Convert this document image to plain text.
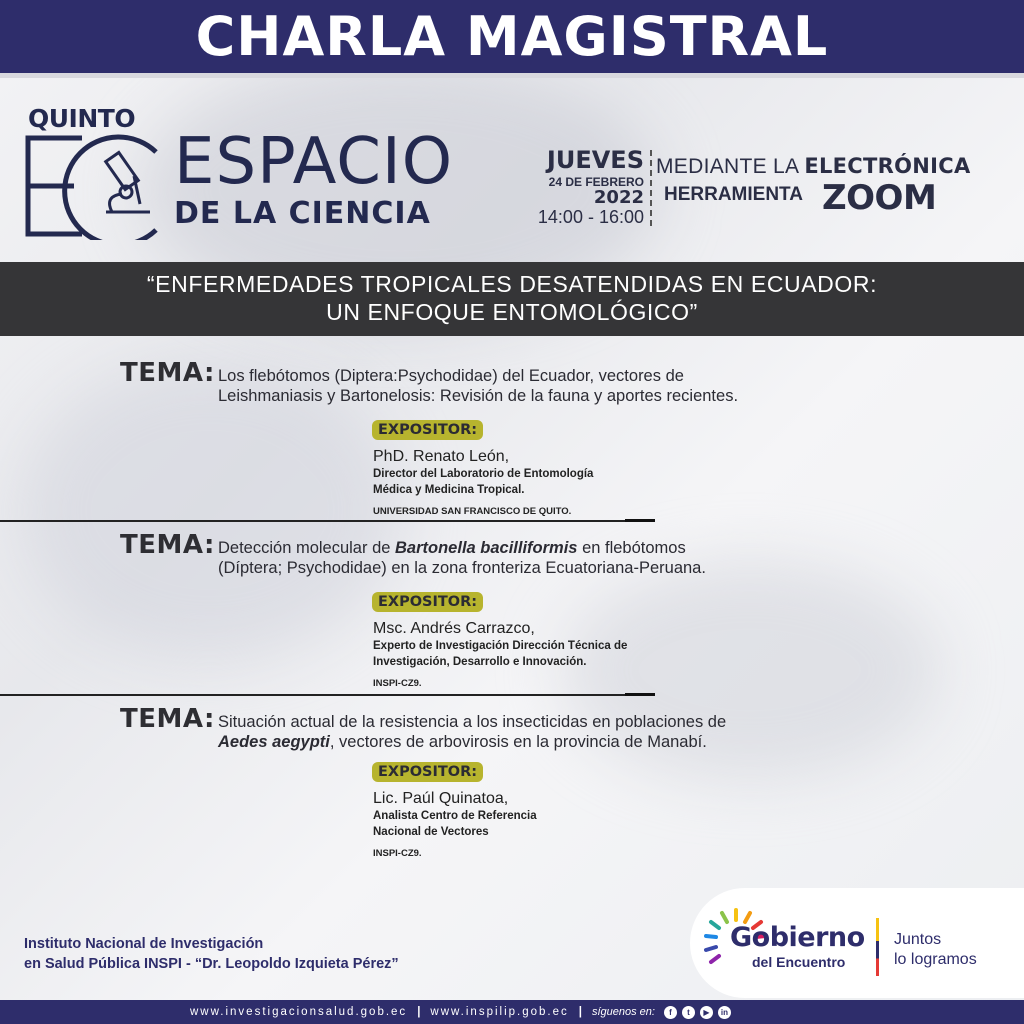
CHARLA MAGISTRAL
QUINTO
ESPACIO
DE LA CIENCIA
JUEVES
24 DE FEBRERO
2022
14:00 - 16:00
MEDIANTE LA ELECTRÓNICA
HERRAMIENTA ZOOM
“ENFERMEDADES TROPICALES DESATENDIDAS EN ECUADOR:
UN ENFOQUE ENTOMOLÓGICO”
TEMA: Los flebótomos (Diptera:Psychodidae) del Ecuador, vectores de
Leishmaniasis y Bartonelosis: Revisión de la fauna y aportes recientes.
EXPOSITOR:
PhD. Renato León,
Director del Laboratorio de Entomología
Médica y Medicina Tropical.
UNIVERSIDAD SAN FRANCISCO DE QUITO.
TEMA: Detección molecular de Bartonella bacilliformis en flebótomos
(Díptera; Psychodidae) en la zona fronteriza Ecuatoriana-Peruana.
EXPOSITOR:
Msc. Andrés Carrazco,
Experto de Investigación Dirección Técnica de
Investigación, Desarrollo e Innovación.
INSPI-CZ9.
TEMA: Situación actual de la resistencia a los insecticidas en poblaciones de
Aedes aegypti, vectores de arbovirosis en la provincia de Manabí.
EXPOSITOR:
Lic. Paúl Quinatoa,
Analista Centro de Referencia
Nacional de Vectores
INSPI-CZ9.
Instituto Nacional de Investigación
en Salud Pública INSPI - “Dr. Leopoldo Izquieta Pérez”
Gobierno
del Encuentro
Juntos
lo logramos
www.investigacionsalud.gob.ec | www.inspilip.gob.ec | síguenos en:	f	t	▶	in
